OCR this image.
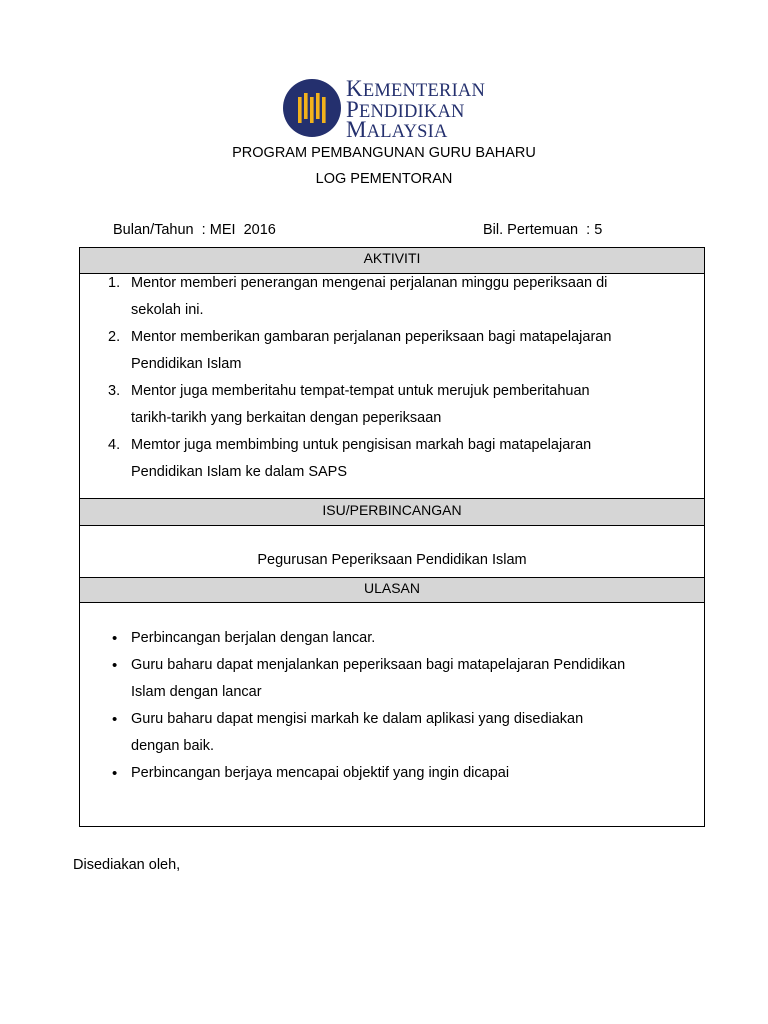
KEMENTERIAN
PENDIDIKAN
MALAYSIA
PROGRAM PEMBANGUNAN GURU BAHARU
LOG PEMENTORAN
Bulan/Tahun  : MEI  2016	Bil. Pertemuan  : 5
AKTIVITI
1. Mentor memberi penerangan mengenai perjalanan minggu peperiksaan di
sekolah ini.
2. Mentor memberikan gambaran perjalanan peperiksaan bagi matapelajaran
Pendidikan Islam
3. Mentor juga memberitahu tempat-tempat untuk merujuk pemberitahuan
tarikh-tarikh yang berkaitan dengan peperiksaan
4. Memtor juga membimbing untuk pengisisan markah bagi matapelajaran
Pendidikan Islam ke dalam SAPS
ISU/PERBINCANGAN
Pegurusan Peperiksaan Pendidikan Islam
ULASAN
• Perbincangan berjalan dengan lancar.
• Guru baharu dapat menjalankan peperiksaan bagi matapelajaran Pendidikan
Islam dengan lancar
• Guru baharu dapat mengisi markah ke dalam aplikasi yang disediakan
dengan baik.
• Perbincangan berjaya mencapai objektif yang ingin dicapai
Disediakan oleh,
